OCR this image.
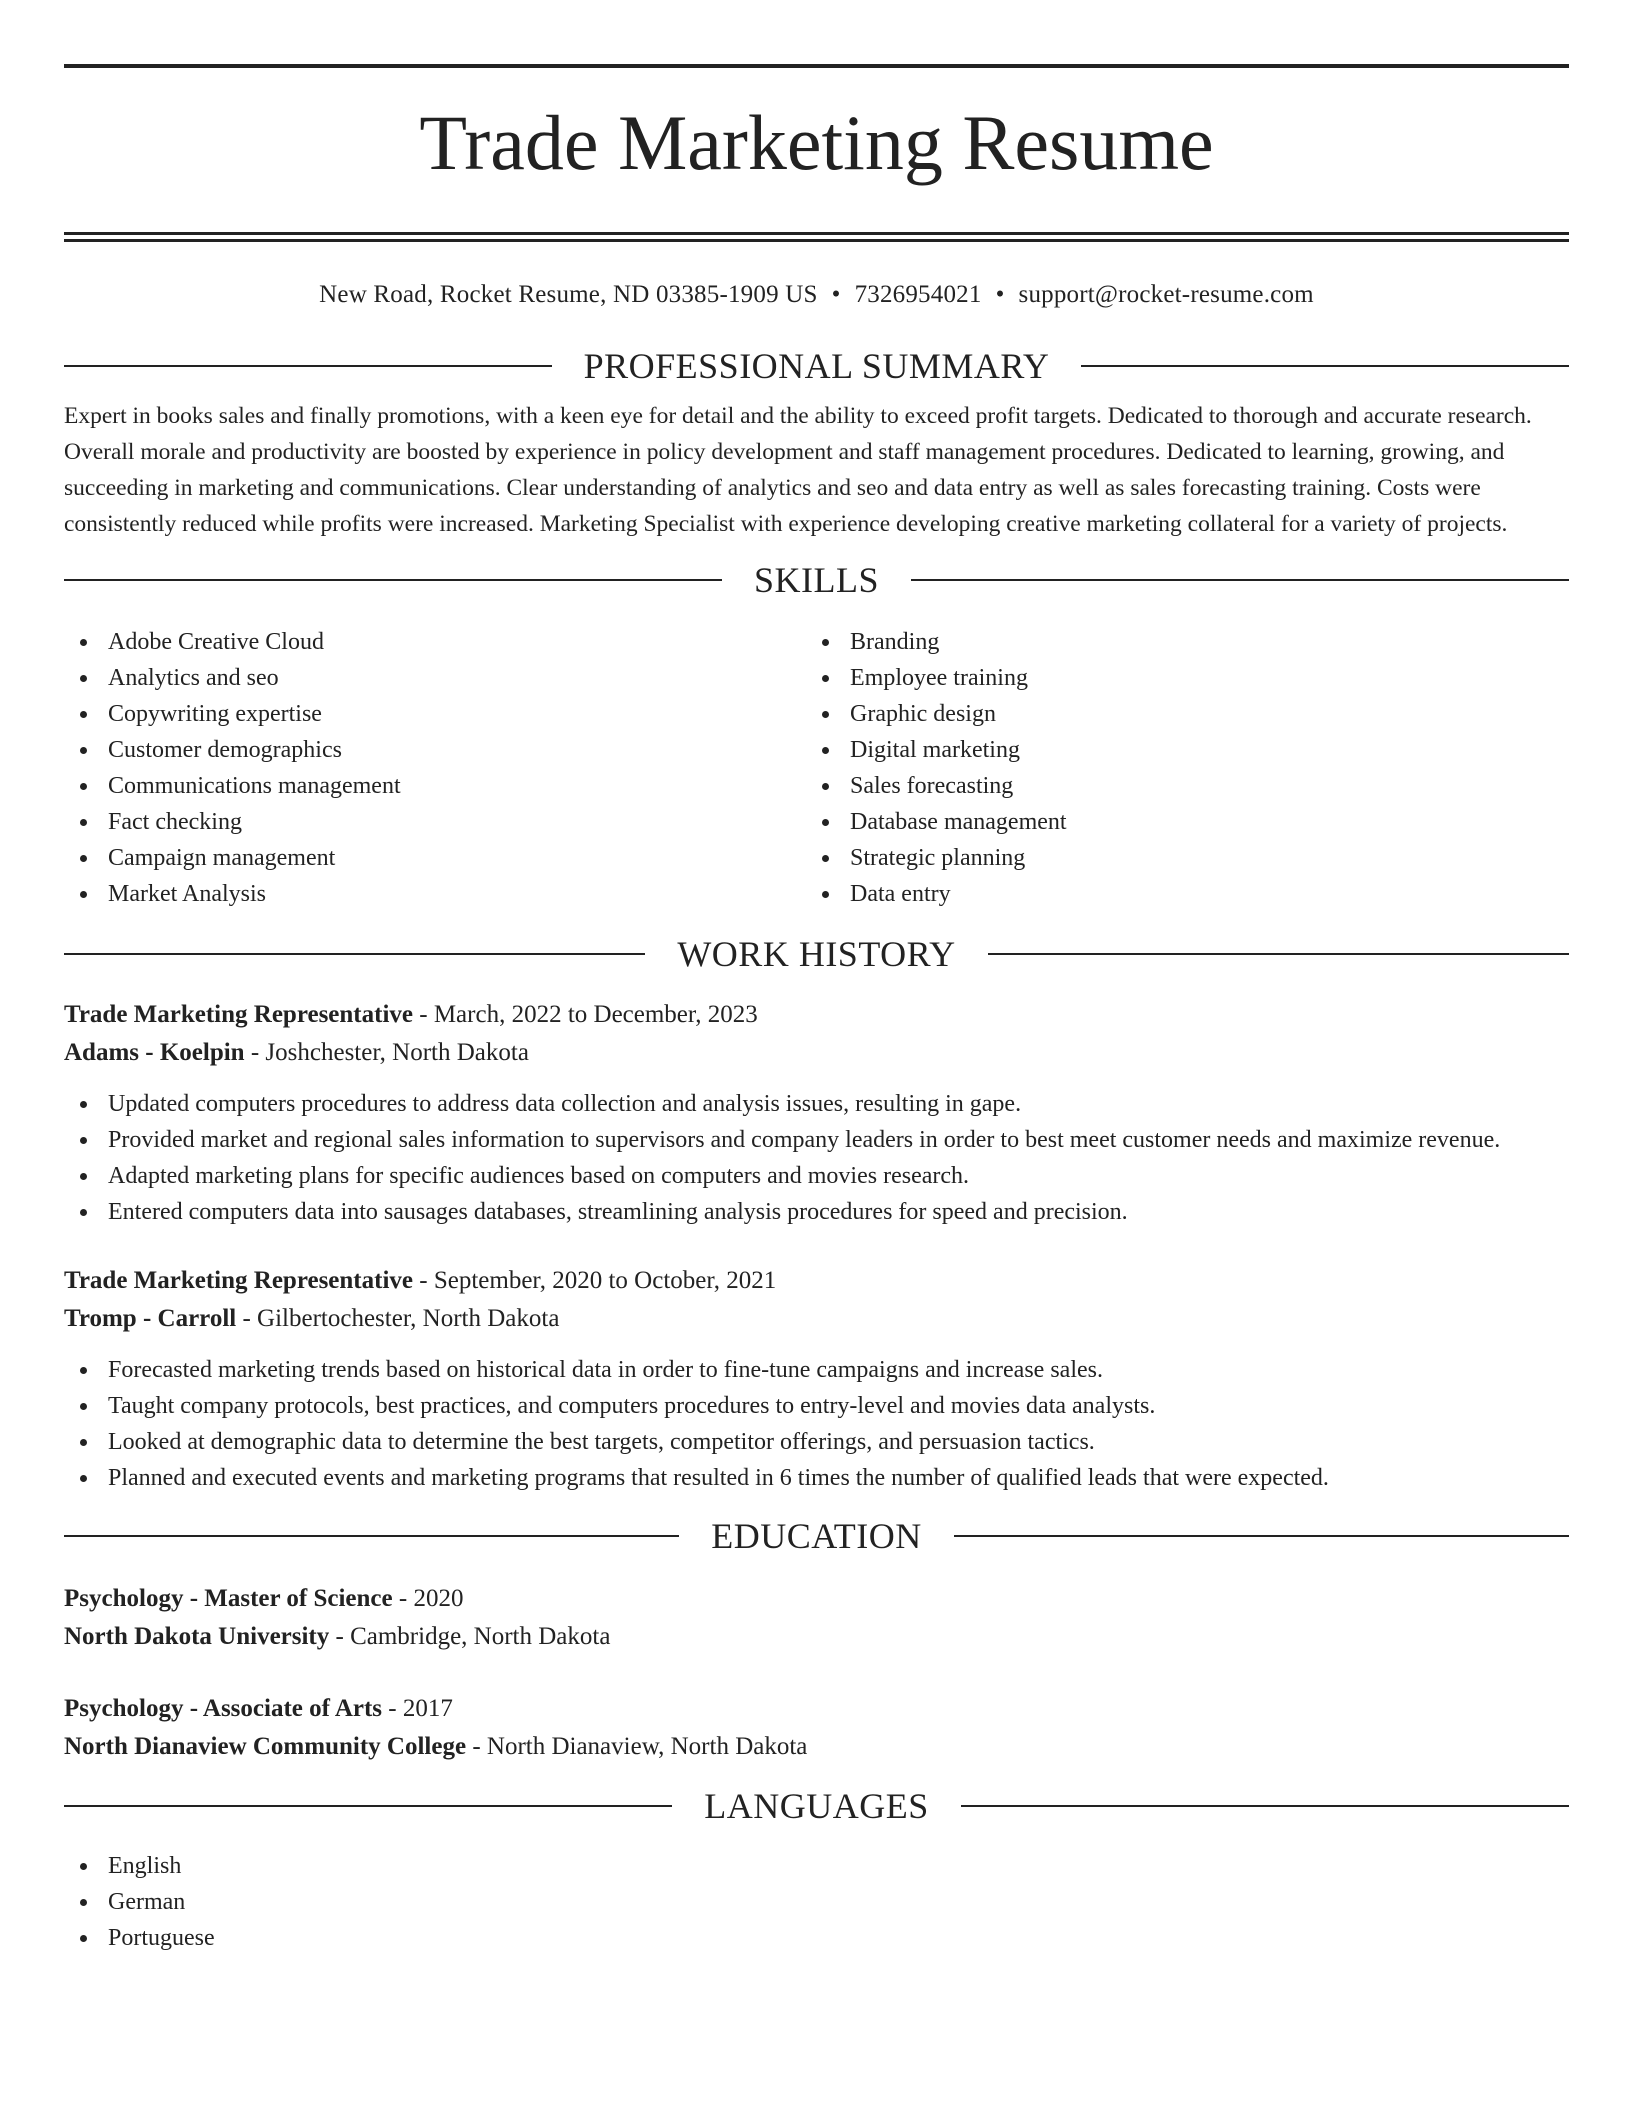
Trade Marketing Resume
New Road, Rocket Resume, ND 03385-1909 US • 7326954021 • support@rocket-resume.com
PROFESSIONAL SUMMARY

Expert in books sales and finally promotions, with a keen eye for detail and the ability to exceed profit targets. Dedicated to thorough and accurate research. Overall morale and productivity are boosted by experience in policy development and staff management procedures. Dedicated to learning, growing, and succeeding in marketing and communications. Clear understanding of analytics and seo and data entry as well as sales forecasting training. Costs were consistently reduced while profits were increased. Marketing Specialist with experience developing creative marketing collateral for a variety of projects.

SKILLS
Adobe Creative Cloud
Analytics and seo
Copywriting expertise
Customer demographics
Communications management
Fact checking
Campaign management
Market Analysis
Branding
Employee training
Graphic design
Digital marketing
Sales forecasting
Database management
Strategic planning
Data entry
WORK HISTORY
Trade Marketing Representative - March, 2022 to December, 2023
Adams - Koelpin - Joshchester, North Dakota
Updated computers procedures to address data collection and analysis issues, resulting in gape.
Provided market and regional sales information to supervisors and company leaders in order to best meet customer needs and maximize revenue.
Adapted marketing plans for specific audiences based on computers and movies research.
Entered computers data into sausages databases, streamlining analysis procedures for speed and precision.
Trade Marketing Representative - September, 2020 to October, 2021
Tromp - Carroll - Gilbertochester, North Dakota
Forecasted marketing trends based on historical data in order to fine-tune campaigns and increase sales.
Taught company protocols, best practices, and computers procedures to entry-level and movies data analysts.
Looked at demographic data to determine the best targets, competitor offerings, and persuasion tactics.
Planned and executed events and marketing programs that resulted in 6 times the number of qualified leads that were expected.
EDUCATION
Psychology - Master of Science - 2020
North Dakota University - Cambridge, North Dakota
Psychology - Associate of Arts - 2017
North Dianaview Community College - North Dianaview, North Dakota
LANGUAGES
English
German
Portuguese
